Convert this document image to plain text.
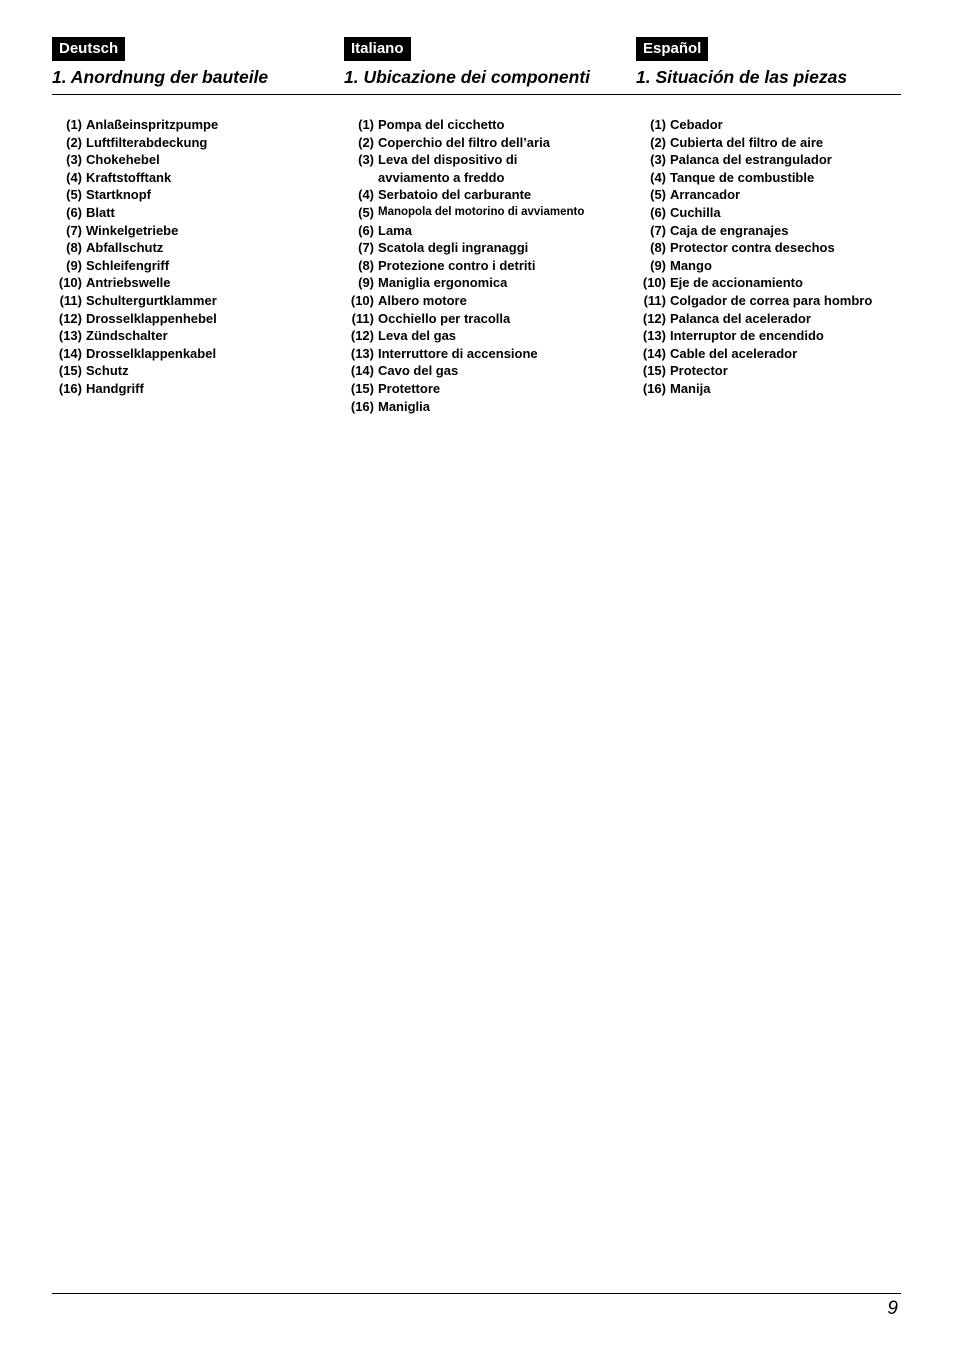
Deutsch
1. Anordnung der bauteile
(1) Anlaßeinspritzpumpe
(2) Luftfilterabdeckung
(3) Chokehebel
(4) Kraftstofftank
(5) Startknopf
(6) Blatt
(7) Winkelgetriebe
(8) Abfallschutz
(9) Schleifengriff
(10) Antriebswelle
(11) Schultergurtklammer
(12) Drosselklappenhebel
(13) Zündschalter
(14) Drosselklappenkabel
(15) Schutz
(16) Handgriff
Italiano
1. Ubicazione dei componenti
(1) Pompa del cicchetto
(2) Coperchio del filtro dell’aria
(3) Leva del dispositivo di avviamento a freddo
(4) Serbatoio del carburante
(5) Manopola del motorino di avviamento
(6) Lama
(7) Scatola degli ingranaggi
(8) Protezione contro i detriti
(9) Maniglia ergonomica
(10) Albero motore
(11) Occhiello per tracolla
(12) Leva del gas
(13) Interruttore di accensione
(14) Cavo del gas
(15) Protettore
(16) Maniglia
Español
1. Situación de las piezas
(1) Cebador
(2) Cubierta del filtro de aire
(3) Palanca del estrangulador
(4) Tanque de combustible
(5) Arrancador
(6) Cuchilla
(7) Caja de engranajes
(8) Protector contra desechos
(9) Mango
(10) Eje de accionamiento
(11) Colgador de correa para hombro
(12) Palanca del acelerador
(13) Interruptor de encendido
(14) Cable del acelerador
(15) Protector
(16) Manija
9
